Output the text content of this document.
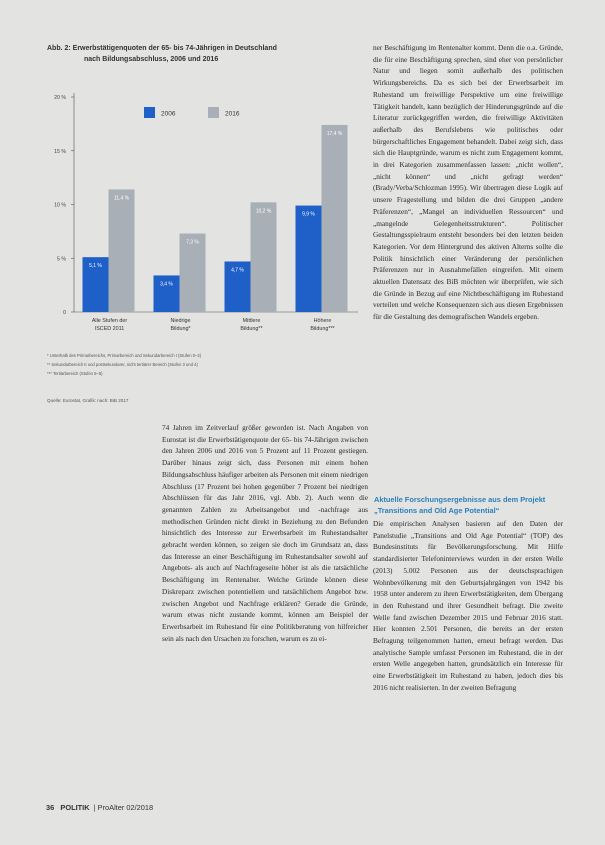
Abb. 2: Erwerbstätigenquoten der 65- bis 74-Jährigen in Deutschland
nach Bildungsabschluss, 2006 und 2016
0
5 %
10 %
15 %
20 %
2006	2016
5,1 %
11,4 %
Alle Stufen der
ISCED 2011
3,4 %
7,3 %
Niedrige
Bildung*
4,7 %
10,2 %
Mittlere
Bildung**
9,9 %
17,4 %
Höhere
Bildung***
* Unterhalb des Primarbereichs, Primarbereich und Sekundarbereich I (Stufen 0–2)
** Sekundarbereich II und postsekundarer, nicht tertiärer Bereich (Stufen 3 und 4)
*** Tertiärbereich (Stufen 5–8)
Quelle: Eurostat, Grafik: nach: BiB 2017

74 Jahren im Zeitverlauf größer geworden ist. Nach Angaben von Eurostat ist die Erwerbstätigenquote der 65- bis 74-Jährigen zwischen den Jahren 2006 und 2016 von 5 Prozent auf 11 Prozent gestiegen. Darüber hinaus zeigt sich, dass Personen mit einem hohen Bildungsabschluss häufiger arbeiten als Personen mit einem niedrigen Abschluss (17 Prozent bei hohen gegenüber 7 Prozent bei niedrigen Abschlüssen für das Jahr 2016, vgl. Abb. 2). Auch wenn die genannten Zahlen zu Arbeitsangebot und -nachfrage aus methodischen Gründen nicht direkt in Beziehung zu den Befunden hinsichtlich des Interesse zur Erwerbsarbeit im Ruhestandsalter gebracht werden können, so zeigen sie doch im Grundsatz an, dass das Interesse an einer Beschäftigung im Ruhestandsalter sowohl auf Angebots- als auch auf Nachfrageseite höher ist als die tatsächliche Beschäftigung im Rentenalter. Welche Gründe können diese Diskreparz zwischen potentiellem und tatsächlichem Angebot bzw. zwischen Angebot und Nachfrage erklären? Gerade die Gründe, warum etwas nicht zustande kommt, können am Beispiel der Erwerbsarbeit im Ruhestand für eine Politikberatung von hilfreicher sein als nach den Ursachen zu forschen, warum es zu ei-

ner Beschäftigung im Rentenalter kommt. Denn die o.a. Gründe, die für eine Beschäftigung sprechen, sind eher von persönlicher Natur und liegen somit außerhalb des politischen Wirkungsbereichs. Da es sich bei der Erwerbsarbeit im Ruhestand um freiwillige Perspektive um eine freiwillige Tätigkeit handelt, kann bezüglich der Hinderungsgründe auf die Literatur zurückgegriffen werden, die freiwillige Aktivitäten außerhalb des Berufslebens wie politisches oder bürgerschaftliches Engagement behandelt. Dabei zeigt sich, dass sich die Hauptgründe, warum es nicht zum Engagement kommt, in drei Kategorien zusammenfassen lassen: „nicht wollen“, „nicht können“ und „nicht gefragt werden“ (Brady/Verba/Schlozman 1995). Wir übertragen diese Logik auf unsere Fragestellung und bilden die drei Gruppen „andere Präferenzen“, „Mangel an individuellen Ressourcen“ und „mangelnde Gelegenheitsstrukturen“. Politischer Gestaltungsspielraum entsteht besonders bei den letzten beiden Kategorien. Vor dem Hintergrund des aktiven Alterns sollte die Politik hinsichtlich einer Veränderung der persönlichen Präferenzen nur in Ausnahmefällen eingreifen. Mit einem aktuellen Datensatz des BiB möchten wir überprüfen, wie sich die Gründe in Bezug auf eine Nichtbeschäftigung im Ruhestand verteilen und welche Konsequenzen sich aus diesen Ergebnissen für die Gestaltung des demografischen Wandels ergeben.

Aktuelle Forschungsergebnisse aus dem Projekt „Transitions and Old Age Potential“

Die empirischen Analysen basieren auf den Daten der Panelstudie „Transitions and Old Age Potential“ (TOP) des Bundesinstituts für Bevölkerungsforschung. Mit Hilfe standardisierter Telefoninterviews wurden in der ersten Welle (2013) 5.002 Personen aus der deutschsprachigen Wohnbevölkerung mit den Geburtsjahrgängen von 1942 bis 1958 unter anderem zu ihren Erwerbstätigkeiten, dem Übergang in den Ruhestand und ihrer Gesundheit befragt. Die zweite Welle fand zwischen Dezember 2015 und Februar 2016 statt. Hier konnten 2.501 Personen, die bereits an der ersten Befragung teilgenommen hatten, erneut befragt werden. Das analytische Sample umfasst Personen im Ruhestand, die in der ersten Welle angegeben hatten, grundsätzlich ein Interesse für eine Erwerbstätigkeit im Ruhestand zu haben, jedoch dies bis 2016 nicht realisierten. In der zweiten Befragung

36 POLITIK  | ProAlter 02/2018
